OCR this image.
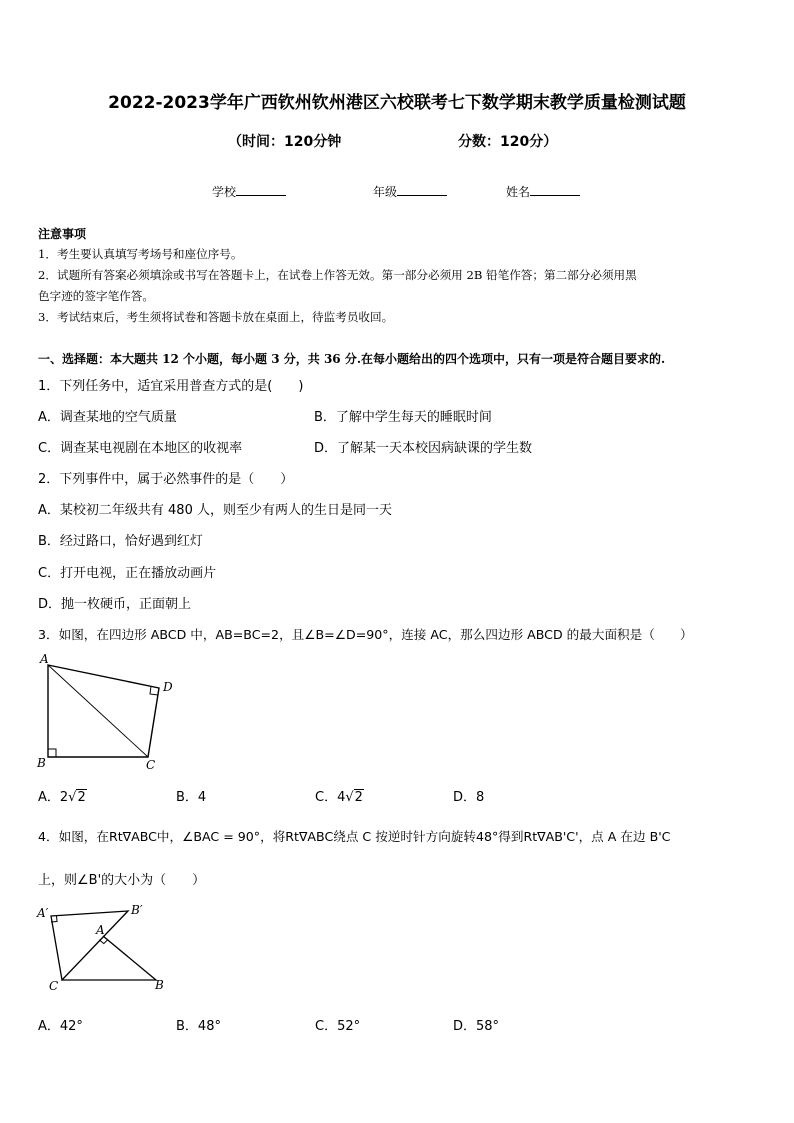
2022-2023学年广西钦州钦州港区六校联考七下数学期末教学质量检测试题
（时间：120分钟	分数：120分）
学校	年级	姓名
注意事项
1．考生要认真填写考场号和座位序号。
2．试题所有答案必须填涂或书写在答题卡上，在试卷上作答无效。第一部分必须用 2B 铅笔作答；第二部分必须用黑
色字迹的签字笔作答。
3．考试结束后，考生须将试卷和答题卡放在桌面上，待监考员收回。
一、选择题：本大题共 12 个小题，每小题 3 分，共 36 分.在每小题给出的四个选项中，只有一项是符合题目要求的.
1．下列任务中，适宜采用普查方式的是(　　)
A．调查某地的空气质量	B．了解中学生每天的睡眠时间
C．调查某电视剧在本地区的收视率	D．了解某一天本校因病缺课的学生数
2．下列事件中，属于必然事件的是（　　）
A．某校初二年级共有 480 人，则至少有两人的生日是同一天
B．经过路口，恰好遇到红灯
C．打开电视，正在播放动画片
D．抛一枚硬币，正面朝上
3．如图，在四边形 ABCD 中，AB=BC=2，且∠B=∠D=90°，连接 AC，那么四边形 ABCD 的最大面积是（　　）
A
D
B	C
A．2√2	B．4	C．4√2	D．8
4．如图，在Rt∇ABC中，∠BAC = 90°，将Rt∇ABC绕点 C 按逆时针方向旋转48°得到Rt∇AB'C'，点 A 在边 B'C
上，则∠B'的大小为（　　）
A′	B′
A
C	B
A．42°	B．48°	C．52°	D．58°
